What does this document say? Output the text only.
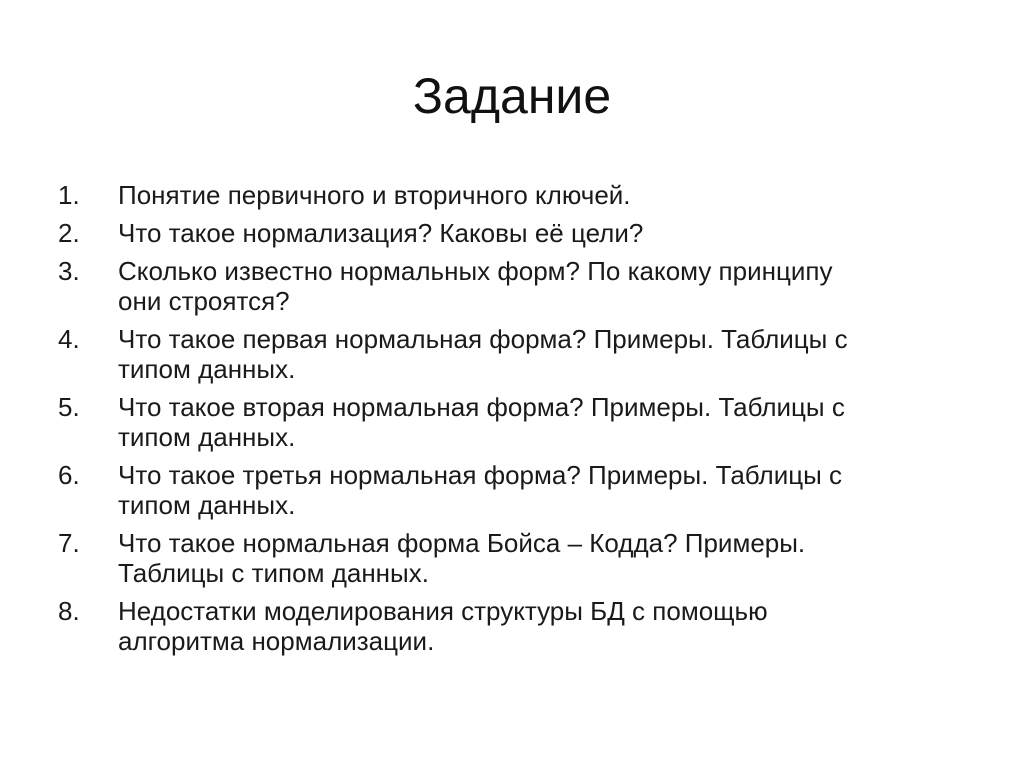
Задание
1.	Понятие первичного и вторичного ключей.
2.	Что такое нормализация? Каковы её цели?
3.	Сколько известно нормальных форм? По какому принципу
они строятся?
4.	Что такое первая нормальная форма? Примеры. Таблицы с
типом данных.
5.	Что такое вторая нормальная форма? Примеры. Таблицы с
типом данных.
6.	Что такое третья нормальная форма? Примеры. Таблицы с
типом данных.
7.	Что такое нормальная форма Бойса – Кодда? Примеры.
Таблицы с типом данных.
8.	Недостатки моделирования структуры БД с помощью
алгоритма нормализации.
